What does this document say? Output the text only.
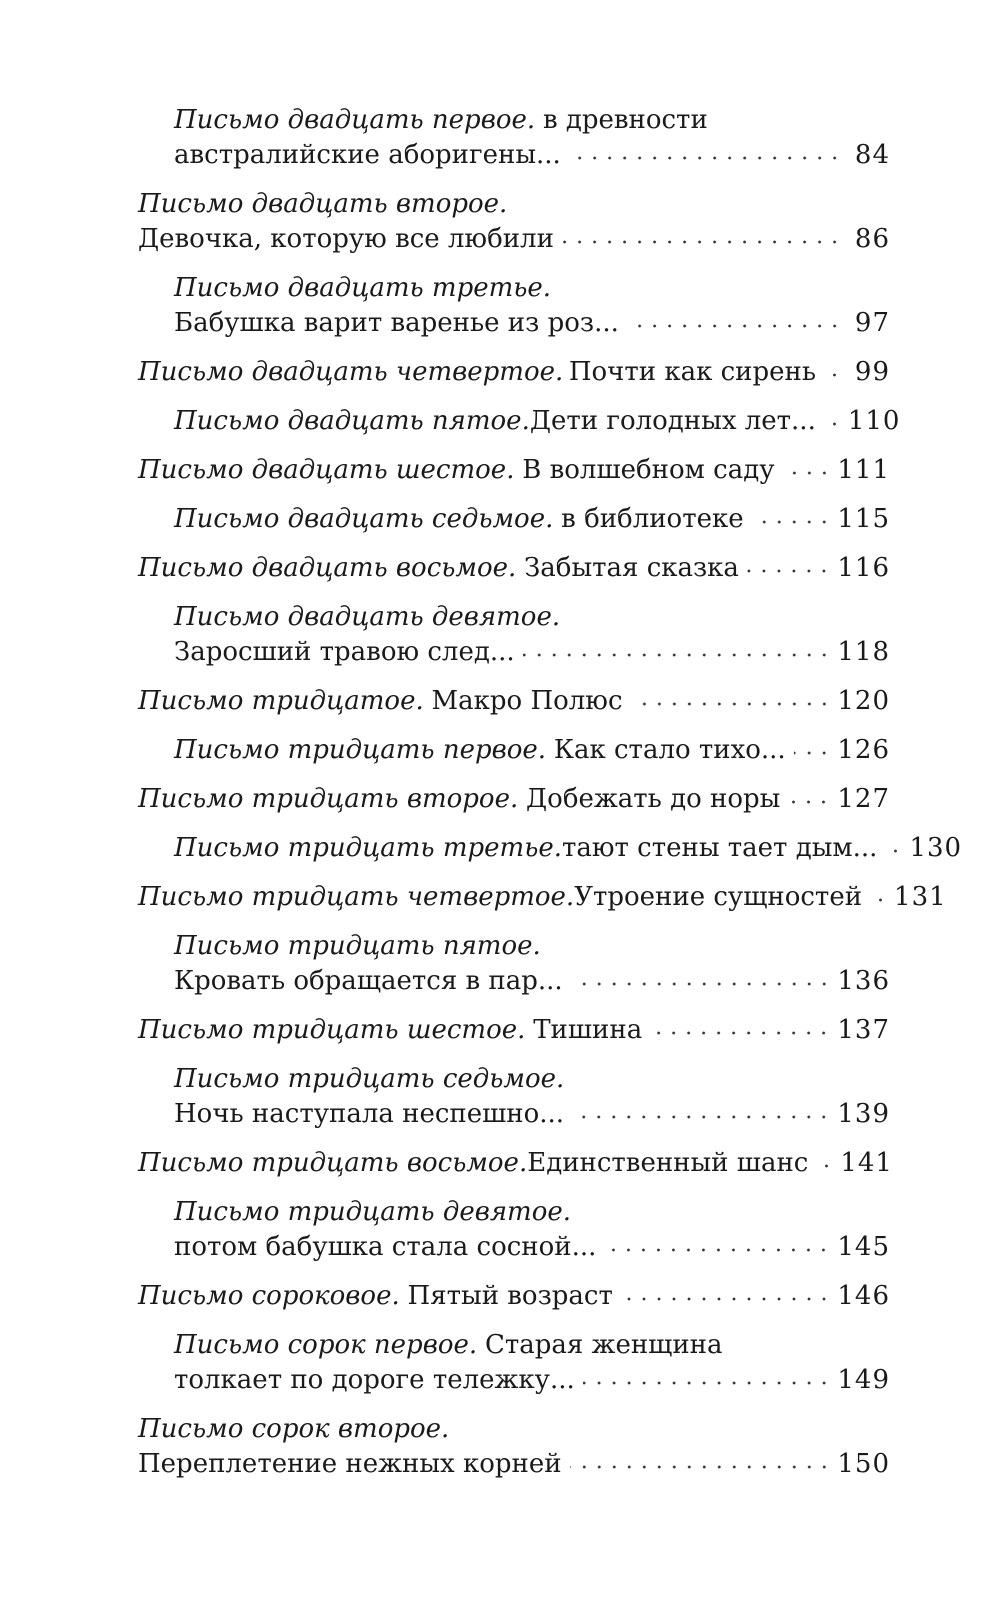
Письмо двадцать первое. в древности
австралийские аборигены...	84
Письмо двадцать второе.
Девочка, которую все любили	86
Письмо двадцать третье.
Бабушка варит варенье из роз...	97
Письмо двадцать четвертое. Почти как сирень 99
Письмо двадцать пятое. Дети голодных лет... 110
Письмо двадцать шестое. В волшебном саду 111
Письмо двадцать седьмое. в библиотеке	115
Письмо двадцать восьмое. Забытая сказка	116
Письмо двадцать девятое.
Заросший травою след...	118
Письмо тридцатое. Макро Полюс	120
Письмо тридцать первое. Как стало тихо... 126
Письмо тридцать второе. Добежать до норы 127
Письмо тридцать третье. тают стены тает дым... 130
Письмо тридцать четвертое. Утроение сущностей 131
Письмо тридцать пятое.
Кровать обращается в пар...	136
Письмо тридцать шестое. Тишина	137
Письмо тридцать седьмое.
Ночь наступала неспешно...	139
Письмо тридцать восьмое. Единственный шанс 141
Письмо тридцать девятое.
потом бабушка стала сосной...	145
Письмо сороковое. Пятый возраст	146
Письмо сорок первое. Старая женщина
толкает по дороге тележку...	149
Письмо сорок второе.
Переплетение нежных корней	150
